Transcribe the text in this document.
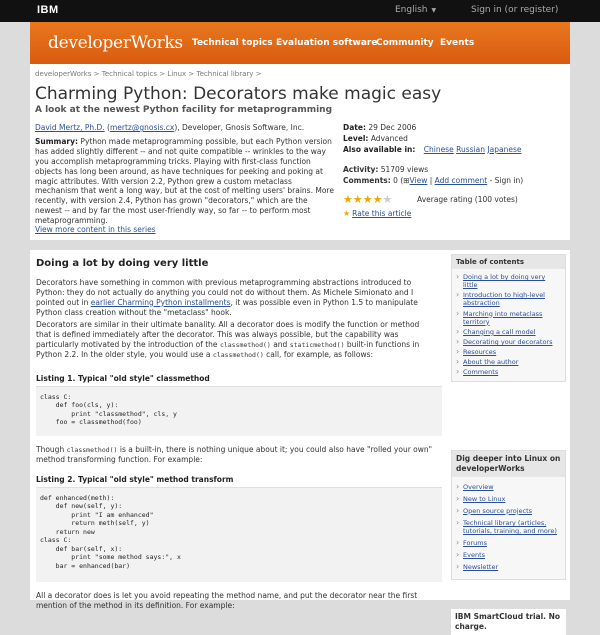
IBM	English ▼	Sign in (or register)
developerWorks Technical topics Evaluation software
Community Events
developerWorks > Technical topics > Linux > Technical library >
Charming Python: Decorators make magic easy
A look at the newest Python facility for metaprogramming
David Mertz, Ph.D. (mertz@gnosis.cx), Developer, Gnosis Software, Inc.
Summary: Python made metaprogramming possible, but each Python version has added slightly different -- and not quite compatible -- wrinkles to the way you accomplish metaprogramming tricks. Playing with first-class function objects has long been around, as have techniques for peeking and poking at magic attributes. With version 2.2, Python grew a custom metaclass mechanism that went a long way, but at the cost of melting users' brains. More recently, with version 2.4, Python has grown "decorators," which are the newest -- and by far the most user-friendly way, so far -- to perform most metaprogramming.
View more content in this series
Date: 29 Dec 2006
Level: Advanced
Also available in: Chinese Russian Japanese
Activity: 51709 views
Comments: 0 (⊞View | Add comment - Sign in)
★★★★★	Average rating (100 votes)
★ Rate this article
Doing a lot by doing very little
Decorators have something in common with previous metaprogramming abstractions introduced to Python: they do not actually do anything you could not do without them. As Michele Simionato and I pointed out in earlier Charming Python installments, it was possible even in Python 1.5 to manipulate Python class creation without the "metaclass" hook.
Decorators are similar in their ultimate banality. All a decorator does is modify the function or method that is defined immediately after the decorator. This was always possible, but the capability was particularly motivated by the introduction of the classmethod() and staticmethod() built-in functions in Python 2.2. In the older style, you would use a classmethod() call, for example, as follows:
Listing 1. Typical "old style" classmethod
class C:
def foo(cls, y):
print "classmethod", cls, y
foo = classmethod(foo)
Though classmethod() is a built-in, there is nothing unique about it; you could also have "rolled your own" method transforming function. For example:
Listing 2. Typical "old style" method transform
def enhanced(meth):
def new(self, y):
print "I am enhanced"
return meth(self, y)
return new
class C:
def bar(self, x):
print "some method says:", x
bar = enhanced(bar)
All a decorator does is let you avoid repeating the method name, and put the decorator near the first mention of the method in its definition. For example:
Table of contents
› Doing a lot by doing very little
› Introduction to high-level abstraction
› Marching into metaclass territory
› Changing a call model
› Decorating your decorators
› Resources
› About the author
› Comments
Dig deeper into Linux on developerWorks
› Overview
› New to Linux
› Open source projects
› Technical library (articles, tutorials, training, and more)
› Forums
› Events
› Newsletter
IBM SmartCloud trial. No charge.
